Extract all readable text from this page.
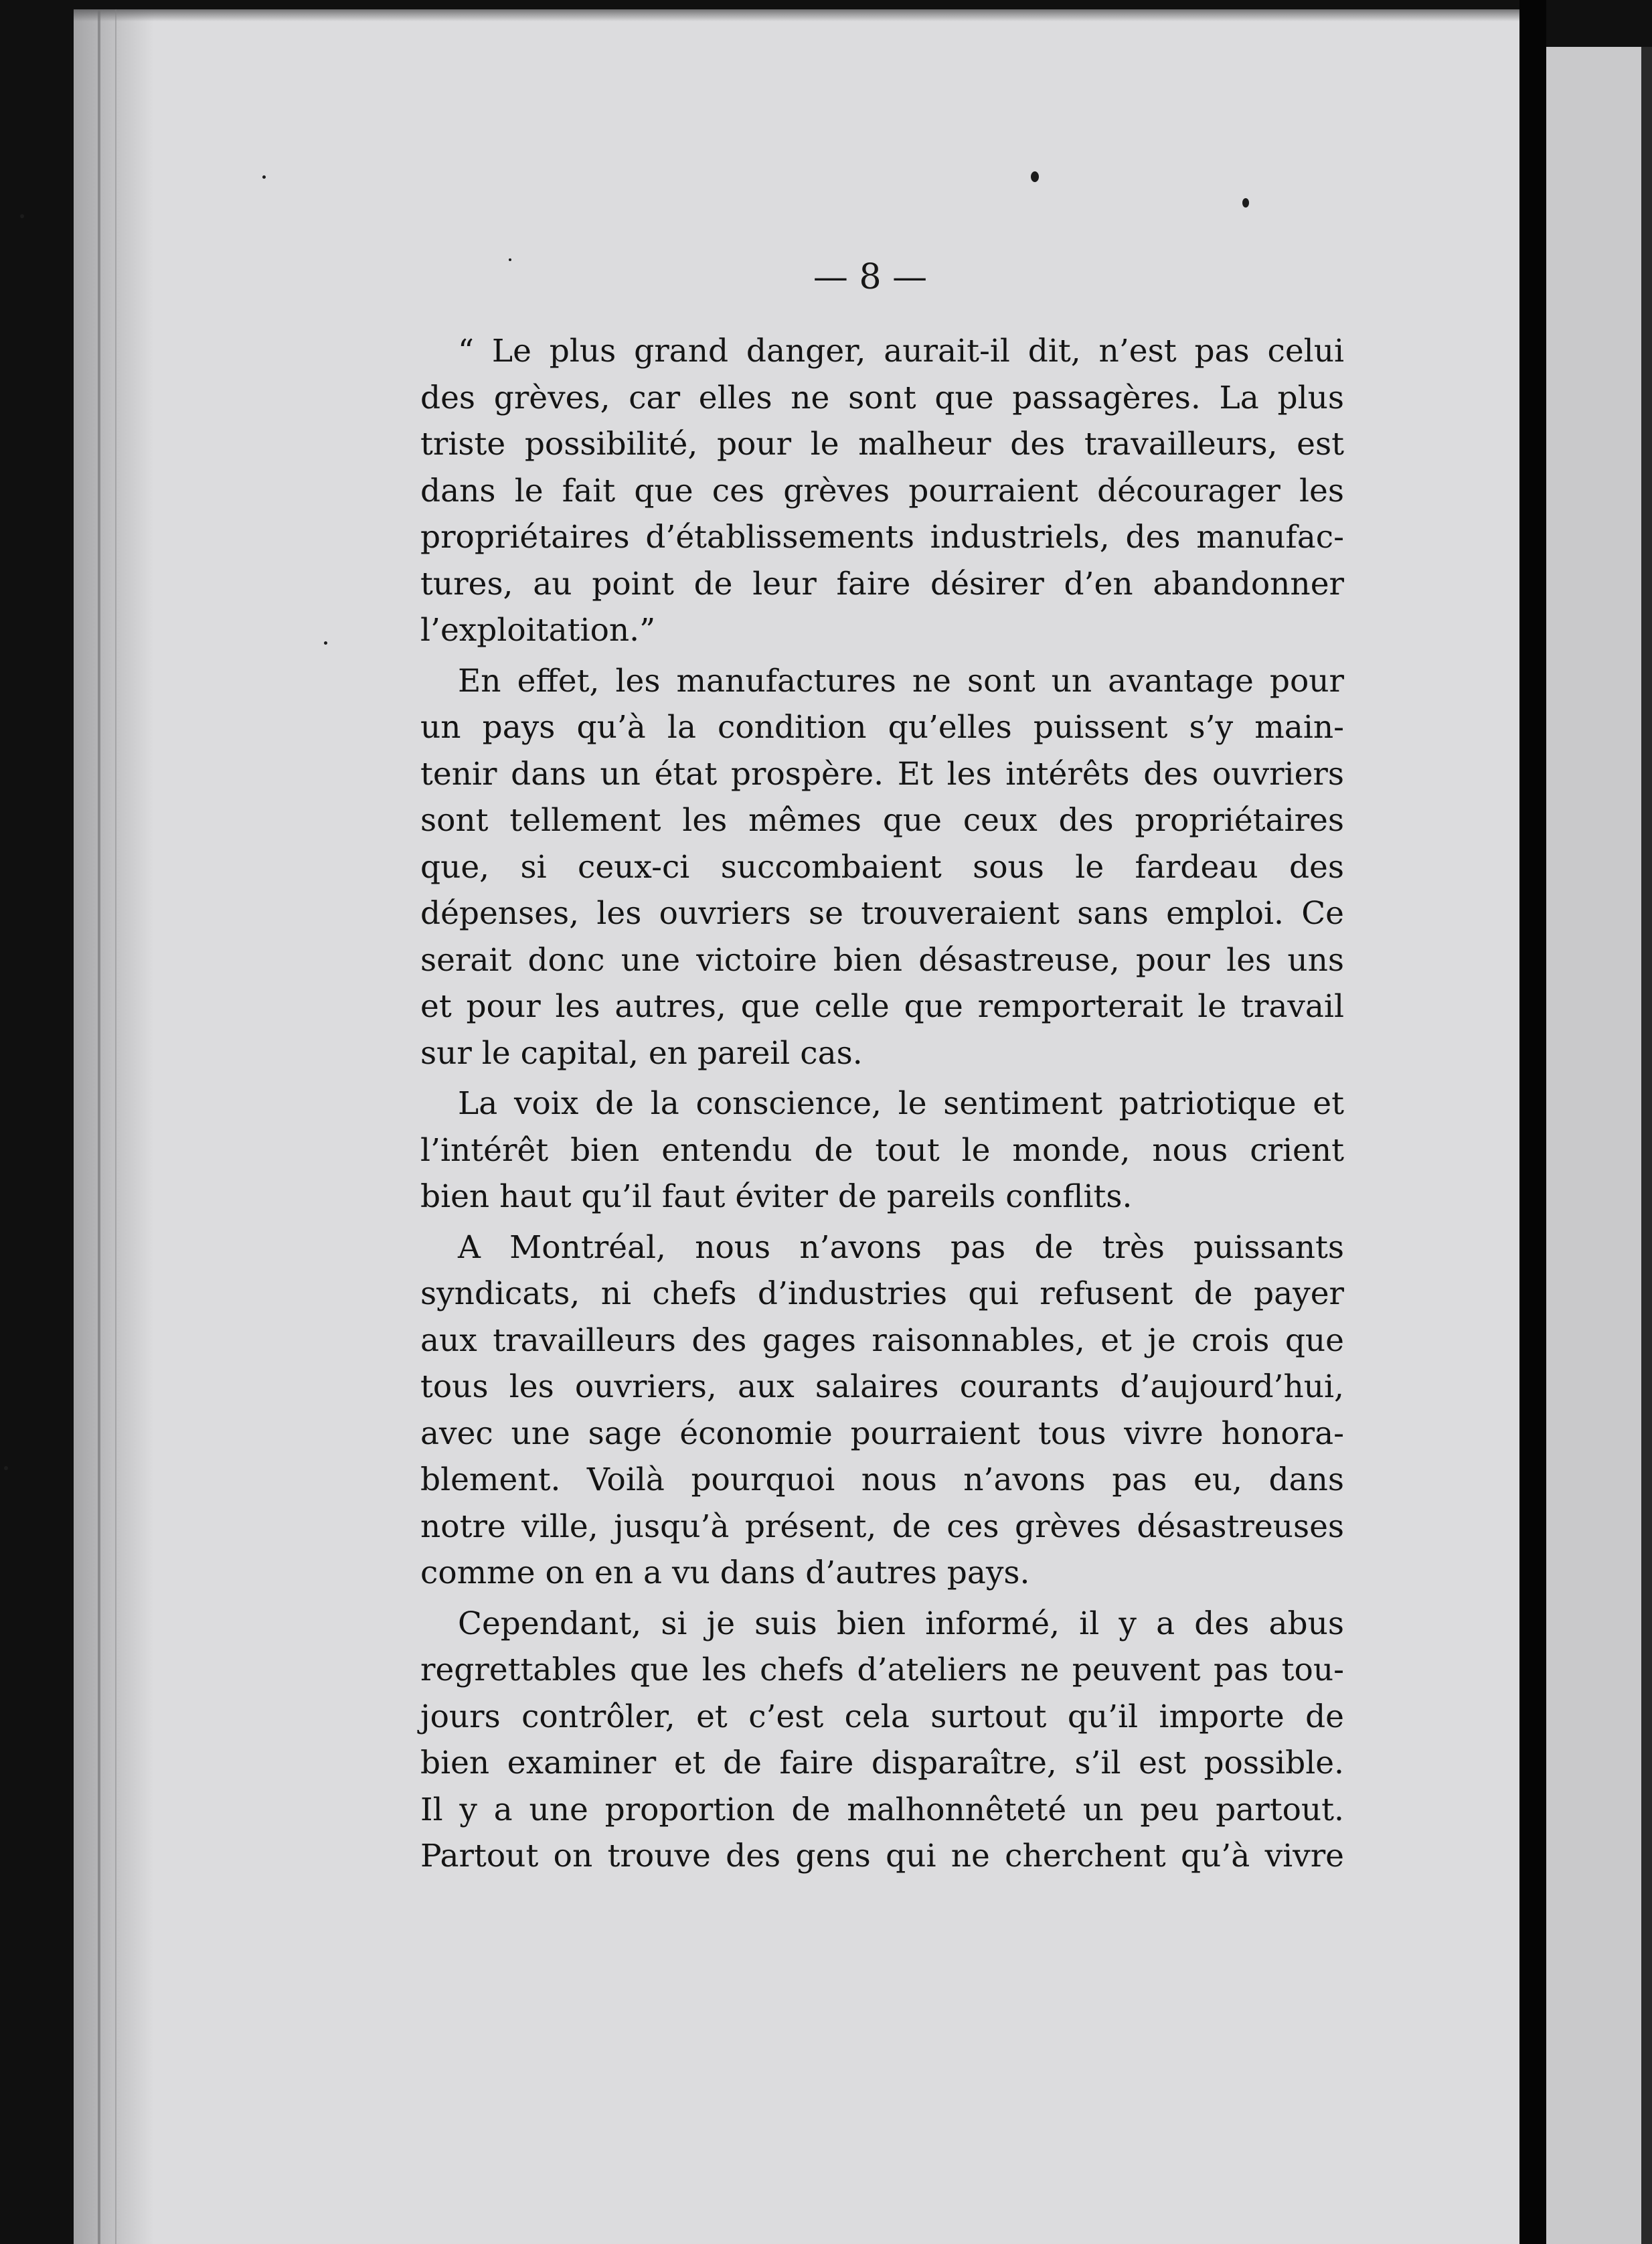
— 8 —

“ Le plus grand danger, aurait-il dit, n’est pas celui
des grèves, car elles ne sont que passagères. La plus
triste possibilité, pour le malheur des travailleurs, est
dans le fait que ces grèves pourraient décourager les
propriétaires d’établissements industriels, des manufac-
tures, au point de leur faire désirer d’en abandonner
l’exploitation.”

En effet, les manufactures ne sont un avantage pour
un pays qu’à la condition qu’elles puissent s’y main-
tenir dans un état prospère. Et les intérêts des ouvriers
sont tellement les mêmes que ceux des propriétaires
que, si ceux-ci succombaient sous le fardeau des
dépenses, les ouvriers se trouveraient sans emploi. Ce
serait donc une victoire bien désastreuse, pour les uns
et pour les autres, que celle que remporterait le travail
sur le capital, en pareil cas.

La voix de la conscience, le sentiment patriotique et
l’intérêt bien entendu de tout le monde, nous crient
bien haut qu’il faut éviter de pareils conflits.

A Montréal, nous n’avons pas de très puissants
syndicats, ni chefs d’industries qui refusent de payer
aux travailleurs des gages raisonnables, et je crois que
tous les ouvriers, aux salaires courants d’aujourd’hui,
avec une sage économie pourraient tous vivre honora-
blement. Voilà pourquoi nous n’avons pas eu, dans
notre ville, jusqu’à présent, de ces grèves désastreuses
comme on en a vu dans d’autres pays.

Cependant, si je suis bien informé, il y a des abus
regrettables que les chefs d’ateliers ne peuvent pas tou-
jours contrôler, et c’est cela surtout qu’il importe de
bien examiner et de faire disparaître, s’il est possible.
Il y a une proportion de malhonnêteté un peu partout.
Partout on trouve des gens qui ne cherchent qu’à vivre
